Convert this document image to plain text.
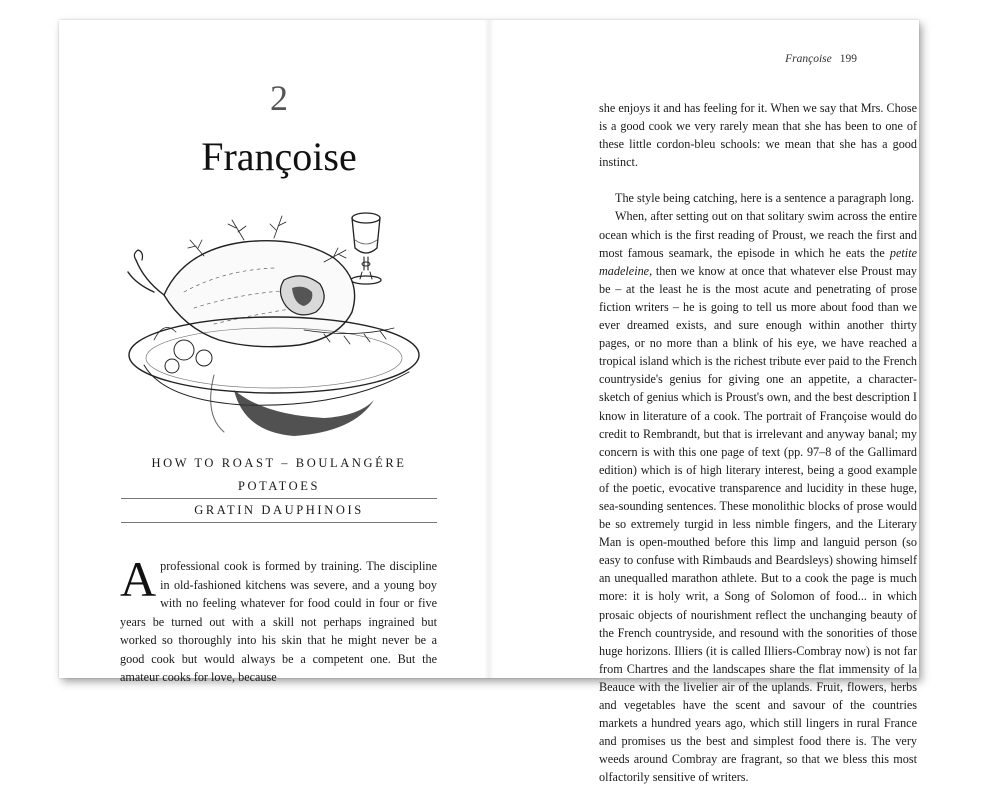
2
Françoise
HOW TO ROAST – BOULANGÉRE
POTATOES
GRATIN DAUPHINOIS
Aprofessional cook is formed by training. The discipline in old-fashioned kitchens was severe, and a young boy with no feeling whatever for food could in four or five years be turned out with a skill not perhaps ingrained but worked so thoroughly into his skin that he might never be a good cook but would always be a competent one. But the amateur cooks for love, because
Françoise 199

she enjoys it and has feeling for it. When we say that Mrs. Chose is a good cook we very rarely mean that she has been to one of these little cordon-bleu schools: we mean that she has a good instinct.

The style being catching, here is a sentence a paragraph long.

When, after setting out on that solitary swim across the entire ocean which is the first reading of Proust, we reach the first and most famous seamark, the episode in which he eats the petite madeleine, then we know at once that whatever else Proust may be – at the least he is the most acute and penetrating of prose fiction writers – he is going to tell us more about food than we ever dreamed exists, and sure enough within another thirty pages, or no more than a blink of his eye, we have reached a tropical island which is the richest tribute ever paid to the French countryside's genius for giving one an appetite, a character-sketch of genius which is Proust's own, and the best description I know in literature of a cook. The portrait of Françoise would do credit to Rembrandt, but that is irrelevant and anyway banal; my concern is with this one page of text (pp. 97–8 of the Gallimard edition) which is of high literary interest, being a good example of the poetic, evocative transparence and lucidity in these huge, sea-sounding sentences. These monolithic blocks of prose would be so extremely turgid in less nimble fingers, and the Literary Man is open-mouthed before this limp and languid person (so easy to confuse with Rimbauds and Beardsleys) showing himself an unequalled marathon athlete. But to a cook the page is much more: it is holy writ, a Song of Solomon of food... in which prosaic objects of nourishment reflect the unchanging beauty of the French countryside, and resound with the sonorities of those huge horizons. Illiers (it is called Illiers-Combray now) is not far from Chartres and the landscapes share the flat immensity of la Beauce with the livelier air of the uplands. Fruit, flowers, herbs and vegetables have the scent and savour of the countries markets a hundred years ago, which still lingers in rural France and promises us the best and simplest food there is. The very weeds around Combray are fragrant, so that we bless this most olfactorily sensitive of writers.
